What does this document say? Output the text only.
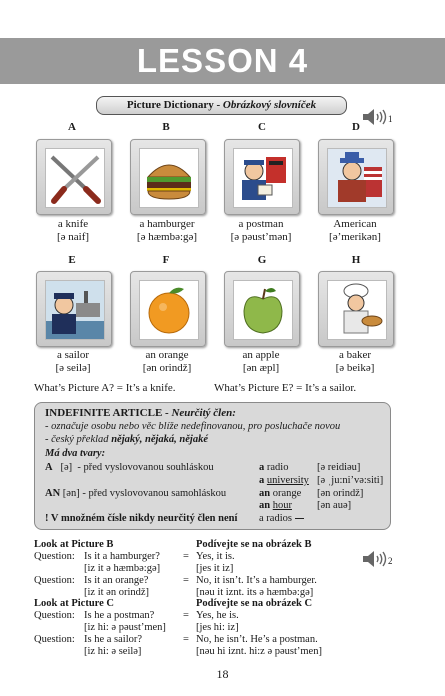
LESSON 4
Picture Dictionary - Obrázkový slovníček
1
A	B	C	D
a knife
[ə naif]
a hamburger
[ə hæmbə:gə]
a postman
[ə pəust’mən]
American
[ə’merikən]
E	F	G	H
a sailor
[ə seilə]
an orange
[ən orindž]
an apple
[ən æpl]
a baker
[ə beikə]
What’s Picture A? = It’s a knife.	What’s Picture E? = It’s a sailor.
INDEFINITE ARTICLE - Neurčitý člen:
- označuje osobu nebo věc blíže nedefinovanou, pro posluchače novou
- český překlad nějaký, nějaká, nějaké
Má dva tvary:
A [ə] - před vyslovovanou souhláskou
AN [ən] - před vyslovovanou samohláskou
a radio	[ə reidiəu]
a university [ə ˌju:ni’və:siti]
an orange [ən orindž]
an hour [ən auə]
! V množném čísle nikdy neurčitý člen není a radios
2
Look at Picture B	Podívejte se na obrázek B
Question: Is it a hamburger?
[iz it ə hæmbə:gə]
= Yes, it is.
[jes it iz]
Question: Is it an orange?
[iz it ən orindž]
= No, it isn’t. It’s a hamburger.
[nəu it iznt. its ə hæmbə:gə]
Look at Picture C	Podívejte se na obrázek C
Question: Is he a postman?
[iz hi: ə pəust’men]
= Yes, he is.
[jes hi: iz]
Question: Is he a sailor?
[iz hi: ə seilə]
= No, he isn’t. He’s a postman.
[nəu hi iznt. hi:z ə pəust’men]
18
